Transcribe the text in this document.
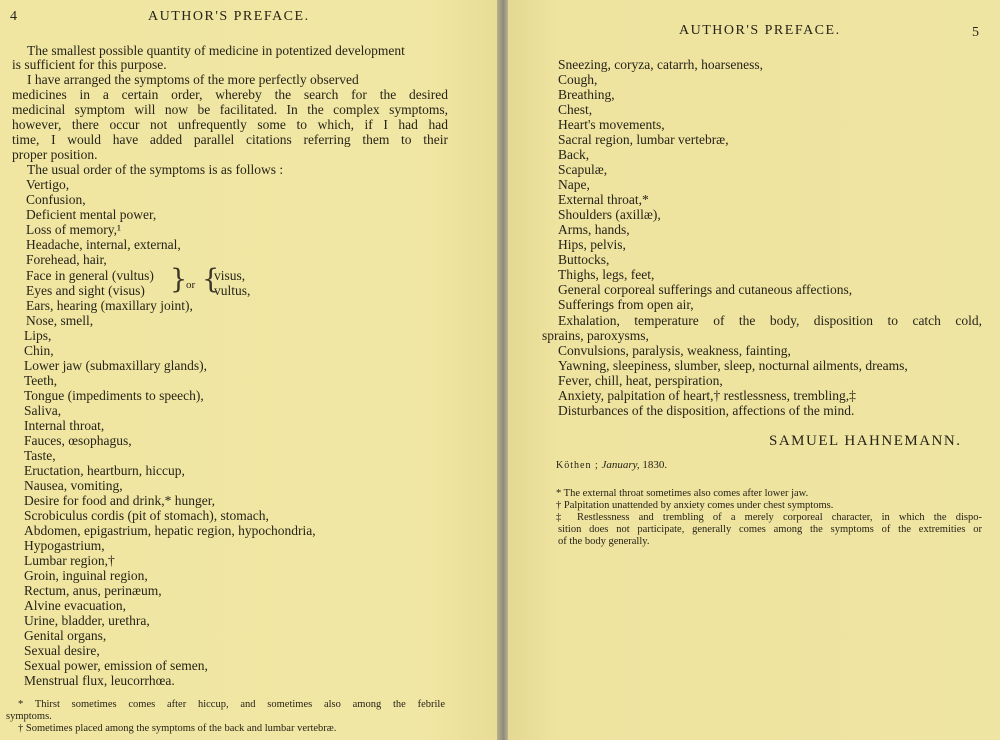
4	AUTHOR'S PREFACE.
The smallest possible quantity of medicine in potentized development
is sufficient for this purpose.
I have arranged the symptoms of the more perfectly observed
medicines in a certain order, whereby the search for the desired
medicinal symptom will now be facilitated. In the complex symptoms,
however, there occur not unfrequently some to which, if I had had
time, I would have added parallel citations referring them to their
proper position.
The usual order of the symptoms is as follows :
Vertigo,
Confusion,
Deficient mental power,
Loss of memory,¹
Headache, internal, external,
Forehead, hair,
Face in general (vultus)
Eyes and sight (visus) }
or {
visus,
vultus,
Ears, hearing (maxillary joint),
Nose, smell,
Lips,
Chin,
Lower jaw (submaxillary glands),
Teeth,
Tongue (impediments to speech),
Saliva,
Internal throat,
Fauces, œsophagus,
Taste,
Eructation, heartburn, hiccup,
Nausea, vomiting,
Desire for food and drink,* hunger,
Scrobiculus cordis (pit of stomach), stomach,
Abdomen, epigastrium, hepatic region, hypochondria,
Hypogastrium,
Lumbar region,†
Groin, inguinal region,
Rectum, anus, perinæum,
Alvine evacuation,
Urine, bladder, urethra,
Genital organs,
Sexual desire,
Sexual power, emission of semen,
Menstrual flux, leucorrhœa.
* Thirst sometimes comes after hiccup, and sometimes also among the febrile
symptoms.
† Sometimes placed among the symptoms of the back and lumbar vertebræ.
AUTHOR'S PREFACE.	5
Sneezing, coryza, catarrh, hoarseness,
Cough,
Breathing,
Chest,
Heart's movements,
Sacral region, lumbar vertebræ,
Back,
Scapulæ,
Nape,
External throat,*
Shoulders (axillæ),
Arms, hands,
Hips, pelvis,
Buttocks,
Thighs, legs, feet,
General corporeal sufferings and cutaneous affections,
Sufferings from open air,
Exhalation, temperature of the body, disposition to catch cold,
sprains, paroxysms,
Convulsions, paralysis, weakness, fainting,
Yawning, sleepiness, slumber, sleep, nocturnal ailments, dreams,
Fever, chill, heat, perspiration,
Anxiety, palpitation of heart,† restlessness, trembling,‡
Disturbances of the disposition, affections of the mind.
SAMUEL HAHNEMANN.
Köthen ; January, 1830.
* The external throat sometimes also comes after lower jaw.
† Palpitation unattended by anxiety comes under chest symptoms.
‡ Restlessness and trembling of a merely corporeal character, in which the dispo-
sition does not participate, generally comes among the symptoms of the extremities or
of the body generally.
